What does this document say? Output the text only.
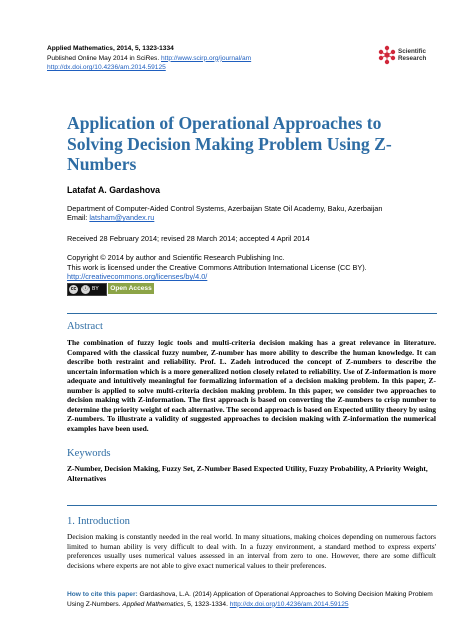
Applied Mathematics, 2014, 5, 1323-1334
Published Online May 2014 in SciRes. http://www.scirp.org/journal/am
http://dx.doi.org/10.4236/am.2014.59125
Scientific
Research
Application of Operational Approaches to Solving Decision Making Problem Using Z-Numbers
Latafat A. Gardashova
Department of Computer-Aided Control Systems, Azerbaijan State Oil Academy, Baku, Azerbaijan
Email: latsham@yandex.ru
Received 28 February 2014; revised 28 March 2014; accepted 4 April 2014
Copyright © 2014 by author and Scientific Research Publishing Inc.
This work is licensed under the Creative Commons Attribution International License (CC BY).
http://creativecommons.org/licenses/by/4.0/
cc ⓘ BY	Open Access
Abstract

The combination of fuzzy logic tools and multi-criteria decision making has a great relevance in literature. Compared with the classical fuzzy number, Z-number has more ability to describe the human knowledge. It can describe both restraint and reliability. Prof. L. Zadeh introduced the concept of Z-numbers to describe the uncertain information which is a more generalized notion closely related to reliability. Use of Z-information is more adequate and intuitively meaningful for formalizing information of a decision making problem. In this paper, Z-number is applied to solve multi-criteria decision making problem. In this paper, we consider two approaches to decision making with Z-information. The first approach is based on converting the Z-numbers to crisp number to determine the priority weight of each alternative. The second approach is based on Expected utility theory by using Z-numbers. To illustrate a validity of suggested approaches to decision making with Z-information the numerical examples have been used.

Keywords

Z-Number, Decision Making, Fuzzy Set, Z-Number Based Expected Utility, Fuzzy Probability, A Priority Weight, Alternatives

1. Introduction

Decision making is constantly needed in the real world. In many situations, making choices depending on numerous factors limited to human ability is very difficult to deal with. In a fuzzy environment, a standard method to express experts' preferences usually uses numerical values assessed in an interval from zero to one. However, there are some difficult decisions where experts are not able to give exact numerical values to their preferences.

How to cite this paper: Gardashova, L.A. (2014) Application of Operational Approaches to Solving Decision Making Problem Using Z-Numbers. Applied Mathematics, 5, 1323-1334. http://dx.doi.org/10.4236/am.2014.59125
